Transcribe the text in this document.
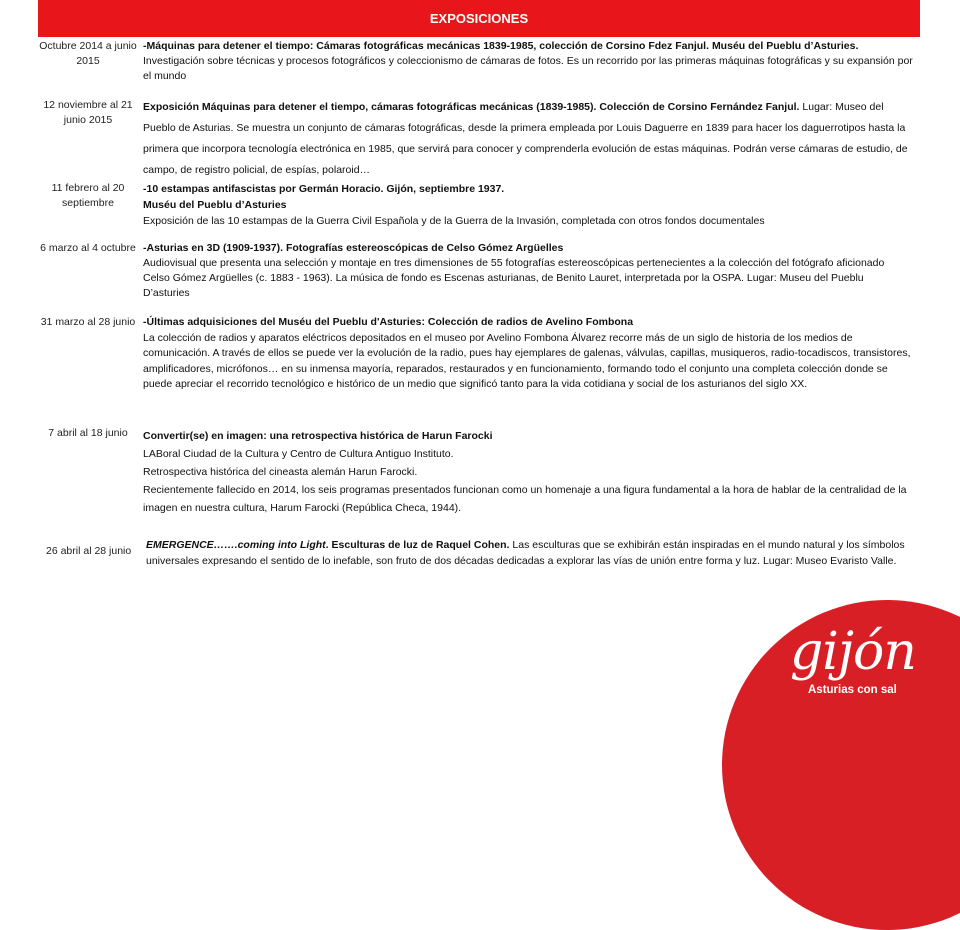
EXPOSICIONES
Octubre 2014 a junio 2015
-Máquinas para detener el tiempo: Cámaras fotográficas mecánicas 1839-1985, colección de Corsino Fdez Fanjul. Muséu del Pueblu d’Asturies. Investigación sobre técnicas y procesos fotográficos y coleccionismo de cámaras de fotos. Es un recorrido por las primeras máquinas fotográficas y su expansión por el mundo
12 noviembre al 21 junio 2015
Exposición Máquinas para detener el tiempo, cámaras fotográficas mecánicas (1839-1985). Colección de Corsino Fernández Fanjul. Lugar: Museo del Pueblo de Asturias. Se muestra un conjunto de cámaras fotográficas, desde la primera empleada por Louis Daguerre en 1839 para hacer los daguerrotipos hasta la primera que incorpora tecnología electrónica en 1985, que servirá para conocer y comprenderla evolución de estas máquinas. Podrán verse cámaras de estudio, de campo, de registro policial, de espías, polaroid…
11 febrero al 20 septiembre
-10 estampas antifascistas por Germán Horacio. Gijón, septiembre 1937.
Muséu del Pueblu d’Asturies
Exposición de las 10 estampas de la Guerra Civil Española y de la Guerra de la Invasión, completada con otros fondos documentales
6 marzo al 4 octubre -Asturias en 3D (1909-1937). Fotografías estereoscópicas de Celso Gómez Argüelles
Audiovisual que presenta una selección y montaje en tres dimensiones de 55 fotografías estereoscópicas pertenecientes a la colección del fotógrafo aficionado Celso Gómez Argüelles (c. 1883 - 1963). La música de fondo es Escenas asturianas, de Benito Lauret, interpretada por la OSPA. Lugar: Museu del Pueblu D’asturies
31 marzo al 28 junio -Últimas adquisiciones del Muséu del Pueblu d'Asturies: Colección de radios de Avelino Fombona
La colección de radios y aparatos eléctricos depositados en el museo por Avelino Fombona Álvarez recorre más de un siglo de historia de los medios de comunicación. A través de ellos se puede ver la evolución de la radio, pues hay ejemplares de galenas, válvulas, capillas, musiqueros, radio-tocadiscos, transistores, amplificadores, micrófonos… en su inmensa mayoría, reparados, restaurados y en funcionamiento, formando todo el conjunto una completa colección donde se puede apreciar el recorrido tecnológico e histórico de un medio que significó tanto para la vida cotidiana y social de los asturianos del siglo XX.
7 abril al 18 junio	Convertir(se) en imagen: una retrospectiva histórica de Harun Farocki
LABoral Ciudad de la Cultura y Centro de Cultura Antiguo Instituto.
Retrospectiva histórica del cineasta alemán Harun Farocki.
Recientemente fallecido en 2014, los seis programas presentados funcionan como un homenaje a una figura fundamental a la hora de hablar de la centralidad de la imagen en nuestra cultura, Harum Farocki (República Checa, 1944).
26 abril al 28 junio	EMERGENCE…….coming into Light. Esculturas de luz de Raquel Cohen. Las esculturas que se exhibirán están inspiradas en el mundo natural y los símbolos universales expresando el sentido de lo inefable, son fruto de dos décadas dedicadas a explorar las vías de unión entre forma y luz. Lugar: Museo Evaristo Valle.
gijón
Asturias con sal
